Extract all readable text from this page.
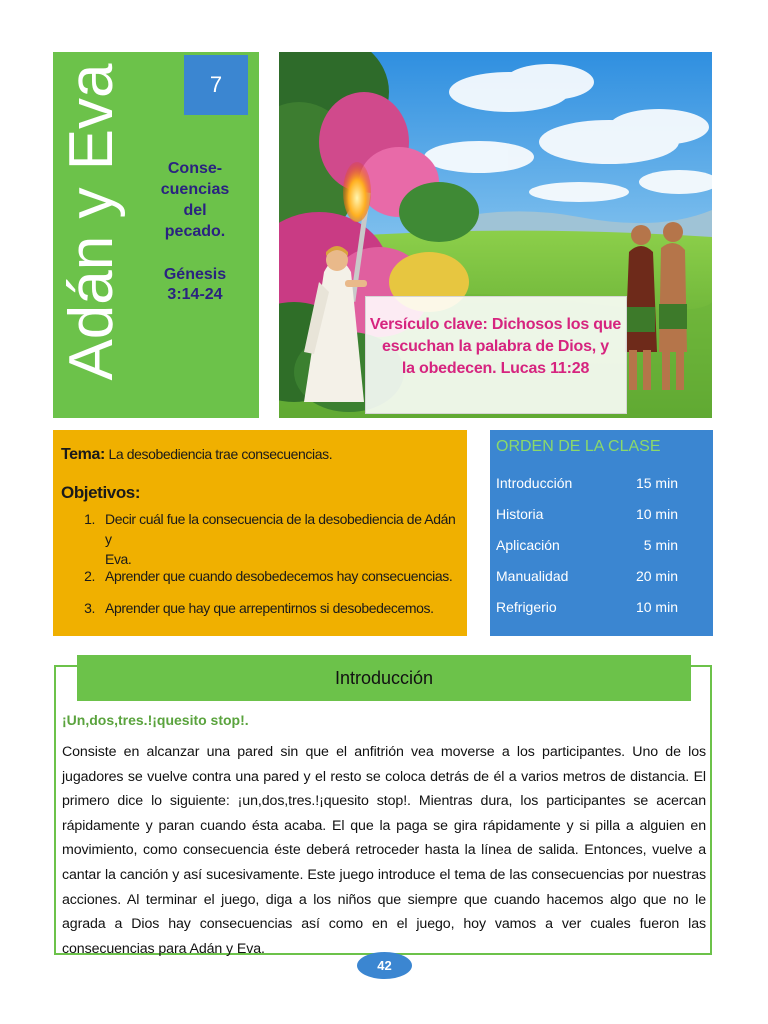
Adán y Eva	7
Conse-
cuencias
del
pecado.
Génesis
3:14-24
Versículo clave: Dichosos los que
escuchan la palabra de Dios, y
la obedecen. Lucas 11:28
Tema: La desobediencia trae consecuencias.
Objetivos:
1. Decir cuál fue la consecuencia de la desobediencia de Adán y
Eva.
2. Aprender que cuando desobedecemos hay consecuencias.
3. Aprender que hay que arrepentirnos si desobedecemos.
ORDEN DE LA CLASE
Introducción	15 min
Historia	10 min
Aplicación	5 min
Manualidad	20 min
Refrigerio	10 min
Introducción
¡Un,dos,tres.!¡quesito stop!.
Consiste en alcanzar una pared sin que el anfitrión vea moverse a los participantes. Uno de los jugadores se vuelve contra una pared y el resto se coloca detrás de él a varios metros de distancia. El primero dice lo siguiente: ¡un,dos,tres.!¡quesito stop!. Mientras dura, los participantes se acercan rápidamente y paran cuando ésta acaba. El que la paga se gira rápidamente y si pilla a alguien en movimiento, como consecuencia éste deberá retroceder hasta la línea de salida. Entonces, vuelve a cantar la canción y así sucesivamente. Este juego introduce el tema de las consecuencias por nuestras acciones. Al terminar el juego, diga a los niños que siempre que cuando hacemos algo que no le agrada a Dios hay consecuencias así como en el juego, hoy vamos a ver cuales fueron las consecuencias para Adán y Eva.
42
